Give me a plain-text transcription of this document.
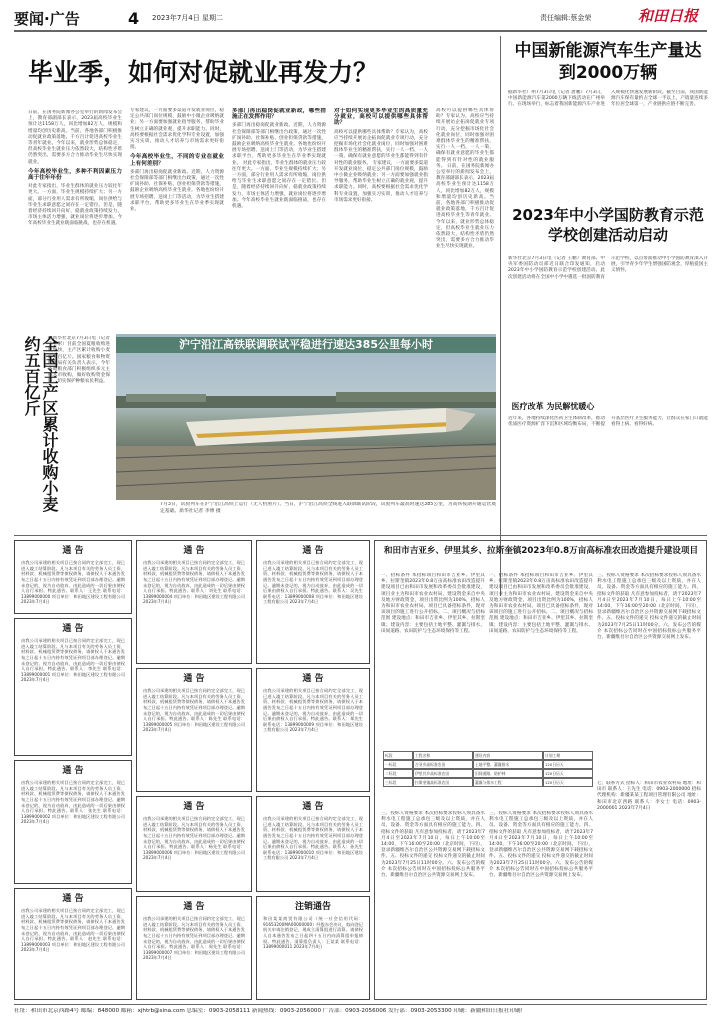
要闻·广告	4 2023年7月4日 星期二	责任编辑:蔡金荣	和田日报
毕业季，如何对促就业再发力？
日前，在国务院新闻办公室举行的新闻发布会上，教育部副部长表示，2023届高校毕业生预计达1158万人，同比增加82万人，规模和增量均创历史新高。当前，各地各部门积极推动促就业政策落地，千方百计促进高校毕业生等青年就业。今年以来，就业形势总体稳定，但高校毕业生就业压力依然较大，结构性矛盾仍然突出，需要多方合力推动毕业生尽快实现就业。
今年高校毕业生，多种不利因素压力高于往年年份
对此专家指出，毕业生群体的就业压力较往年更大。一方面，毕业生规模持续扩大；另一方面，部分行业用人需求有所收缩，岗位供给与毕业生求职意愿之间存在一定错位。但是，随着经济持续回升向好，稳就业政策持续发力，市场主体活力增强，就业岗位将逐步增加。今年高校毕业生就业既面临挑战，也存在机遇。
专家建议，一方面要多渠道开发就业岗位，稳定公共部门岗位规模，鼓励中小微企业吸纳就业；另一方面要加强就业指导服务，帮助毕业生树立正确的就业观，提升求职能力。同时，高校要根据社会需求优化学科专业设置，加强实习实训，推动人才培养与市场需求更好衔接。
今年高校毕业生，不同的专业在就业上有何差别？
多部门再出稳岗促就业新政。近期，人力资源社会保障部等部门相继出台政策，通过一次性扩岗补助、社保补贴、创业担保贷款等措施，鼓励企业吸纳高校毕业生就业。各地也纷纷开展专场招聘、送岗上门等活动，为毕业生搭建求职平台，帮助更多毕业生在毕业季实现就业。
多部门再出稳岗促就业新政，哪些措施正在发挥作用？
多部门再出稳岗促就业新政。近期，人力资源社会保障部等部门相继出台政策，通过一次性扩岗补助、社保补贴、创业担保贷款等措施，鼓励企业吸纳高校毕业生就业。各地也纷纷开展专场招聘、送岗上门等活动，为毕业生搭建求职平台，帮助更多毕业生在毕业季实现就业。 对此专家指出，毕业生群体的就业压力较往年更大。一方面，毕业生规模持续扩大；另一方面，部分行业用人需求有所收缩，岗位供给与毕业生求职意愿之间存在一定错位。但是，随着经济持续回升向好，稳就业政策持续发力，市场主体活力增强，就业岗位将逐步增加。今年高校毕业生就业既面临挑战，也存在机遇。
对于如何实现更多毕业生的高质量充分就业，高校可以提供哪些具体帮助？
高校可以提供哪些具体帮助？专家认为，高校应当持续开展访企拓岗促就业专项行动，充分挖掘市场化社会化就业岗位，同时加强对困难群体毕业生的精准帮扶，实行一人一档、一人一策，确保有就业意愿的毕业生都能得到有针对性的就业服务。 专家建议，一方面要多渠道开发就业岗位，稳定公共部门岗位规模，鼓励中小微企业吸纳就业；另一方面要加强就业指导服务，帮助毕业生树立正确的就业观，提升求职能力。同时，高校要根据社会需求优化学科专业设置，加强实习实训，推动人才培养与市场需求更好衔接。
高校可以提供哪些具体帮助？专家认为，高校应当持续开展访企拓岗促就业专项行动，充分挖掘市场化社会化就业岗位，同时加强对困难群体毕业生的精准帮扶，实行一人一档、一人一策，确保有就业意愿的毕业生都能得到有针对性的就业服务。 日前，在国务院新闻办公室举行的新闻发布会上，教育部副部长表示，2023届高校毕业生预计达1158万人，同比增加82万人，规模和增量均创历史新高。当前，各地各部门积极推动促就业政策落地，千方百计促进高校毕业生等青年就业。今年以来，就业形势总体稳定，但高校毕业生就业压力依然较大，结构性矛盾仍然突出，需要多方合力推动毕业生尽快实现就业。
中国新能源汽车生产量达到2000万辆
据新华社广州7月3日电（记者 唐鹏）7月3日，中国新能源汽车第2000万辆下线活动在广州举行。在现场举行，标志着我国新能源汽车产业进入规模化快速发展新阶段。截至目前，我国新能源汽车保有量约占全球一半以上，产销量连续多年位居全球第一，产业链供应链不断完善。
2023年中小学国防教育示范学校创建活动启动
新华社北京7月3日电（记者 王鹏）教育部、中央军委国防动员部近日联合印发通知，启动2023年中小学国防教育示范学校创建活动。此次创建活动将在全国中小学中遴选一批国防教育示范学校，以点带面推动中小学国防教育深入开展，引导青少年学生增强国防观念，厚植爱国主义情怀。
全国主产区累计收购小麦约五百亿斤	据新华社北京7月3日电（记者 王立彬）目前全国夏粮收购进度加快，主产区累计收购小麦约五百亿斤。国家粮食和物资储备局有关负责人表示，今年各地粮食部门积极组织多元主体入市收购，做好收购资金保障，切实保护种粮农民利益。
沪宁沿江高铁联调联试平稳进行速达385公里每小时
7月3日，试验列车在沪宁沿江高铁上运行（无人机照片）。当日，沪宁沿江高铁全线进入联调联试阶段，试验列车最高时速达385公里，为高铁按期开通运营奠定基础。新华社记者 李博 摄
医疗改革 为民解忧暖心
近年来，各地持续深化医药卫生体制改革，推动优质医疗资源扩容下沉和区域均衡布局，不断提升基层医疗卫生服务能力，让群众在家门口就能看得上病、看得好病。
通 告
由我公司承建的相关项目已按合同约定全部完工，现已进入竣工结算阶段。凡与本项目有关的劳务人员工资、材料款、机械租赁费等债权债务，请债权人于本通告发布之日起十五日内持有效凭证到项目部办理登记。逾期未登记的，视为自动放弃，由此造成的一切后果由债权人自行承担。特此通告。联系人：王先生 联系电话：13899000000 项目单位：和田地区建设工程有限公司 2023年7月4日
通 告
由我公司承建的相关项目已按合同约定全部完工，现已进入竣工结算阶段。凡与本项目有关的劳务人员工资、材料款、机械租赁费等债权债务，请债权人于本通告发布之日起十五日内持有效凭证到项目部办理登记。逾期未登记的，视为自动放弃，由此造成的一切后果由债权人自行承担。特此通告。联系人：李先生 联系电话：13899000001 项目单位：和田地区建设工程有限公司 2023年7月4日
通 告
由我公司承建的相关项目已按合同约定全部完工，现已进入竣工结算阶段。凡与本项目有关的劳务人员工资、材料款、机械租赁费等债权债务，请债权人于本通告发布之日起十五日内持有效凭证到项目部办理登记。逾期未登记的，视为自动放弃，由此造成的一切后果由债权人自行承担。特此通告。联系人：张先生 联系电话：13899000002 项目单位：和田地区建设工程有限公司 2023年7月4日
通 告
由我公司承建的相关项目已按合同约定全部完工，现已进入竣工结算阶段。凡与本项目有关的劳务人员工资、材料款、机械租赁费等债权债务，请债权人于本通告发布之日起十五日内持有效凭证到项目部办理登记。逾期未登记的，视为自动放弃，由此造成的一切后果由债权人自行承担。特此通告。联系人：赵先生 联系电话：13899000003 项目单位：和田地区建设工程有限公司 2023年7月4日
通 告
由我公司承建的相关项目已按合同约定全部完工，现已进入竣工结算阶段。凡与本项目有关的劳务人员工资、材料款、机械租赁费等债权债务，请债权人于本通告发布之日起十五日内持有效凭证到项目部办理登记。逾期未登记的，视为自动放弃，由此造成的一切后果由债权人自行承担。特此通告。联系人：刘先生 联系电话：13899000004 项目单位：和田地区建设工程有限公司 2023年7月4日
通 告
由我公司承建的相关项目已按合同约定全部完工，现已进入竣工结算阶段。凡与本项目有关的劳务人员工资、材料款、机械租赁费等债权债务，请债权人于本通告发布之日起十五日内持有效凭证到项目部办理登记。逾期未登记的，视为自动放弃，由此造成的一切后果由债权人自行承担。特此通告。联系人：陈先生 联系电话：13899000005 项目单位：和田地区建设工程有限公司 2023年7月4日
通 告
由我公司承建的相关项目已按合同约定全部完工，现已进入竣工结算阶段。凡与本项目有关的劳务人员工资、材料款、机械租赁费等债权债务，请债权人于本通告发布之日起十五日内持有效凭证到项目部办理登记。逾期未登记的，视为自动放弃，由此造成的一切后果由债权人自行承担。特此通告。联系人：杨先生 联系电话：13899000006 项目单位：和田地区建设工程有限公司 2023年7月4日
通 告
由我公司承建的相关项目已按合同约定全部完工，现已进入竣工结算阶段。凡与本项目有关的劳务人员工资、材料款、机械租赁费等债权债务，请债权人于本通告发布之日起十五日内持有效凭证到项目部办理登记。逾期未登记的，视为自动放弃，由此造成的一切后果由债权人自行承担。特此通告。联系人：周先生 联系电话：13899000007 项目单位：和田地区建设工程有限公司 2023年7月4日
通 告
由我公司承建的相关项目已按合同约定全部完工，现已进入竣工结算阶段。凡与本项目有关的劳务人员工资、材料款、机械租赁费等债权债务，请债权人于本通告发布之日起十五日内持有效凭证到项目部办理登记。逾期未登记的，视为自动放弃，由此造成的一切后果由债权人自行承担。特此通告。联系人：吴先生 联系电话：13899000008 项目单位：和田地区建设工程有限公司 2023年7月4日
通 告
由我公司承建的相关项目已按合同约定全部完工，现已进入竣工结算阶段。凡与本项目有关的劳务人员工资、材料款、机械租赁费等债权债务，请债权人于本通告发布之日起十五日内持有效凭证到项目部办理登记。逾期未登记的，视为自动放弃，由此造成的一切后果由债权人自行承担。特此通告。联系人：郑先生 联系电话：13899000009 项目单位：和田地区建设工程有限公司 2023年7月4日
通 告
由我公司承建的相关项目已按合同约定全部完工，现已进入竣工结算阶段。凡与本项目有关的劳务人员工资、材料款、机械租赁费等债权债务，请债权人于本通告发布之日起十五日内持有效凭证到项目部办理登记。逾期未登记的，视为自动放弃，由此造成的一切后果由债权人自行承担。特此通告。联系人：孙先生 联系电话：13899000010 项目单位：和田地区建设工程有限公司 2023年7月4日
注销通告
和田某某商贸有限公司（统一社会信用代码：91653200MA00000000）经股东会决议，拟向登记机关申请注销登记，现成立清算组进行清算。请债权人自本通告发布之日起四十五日内向清算组申报债权。特此通告。清算组负责人：王某某 联系电话：13899000011 2023年7月4日
和田市吉亚乡、伊里其乡、拉斯奎镇2023年0.8万亩高标准农田改造提升建设项目
一、招标条件 本招标项目和田市吉亚乡、伊里其乡、拉斯奎镇2023年0.8万亩高标准农田改造提升建设项目已由和田市发展和改革委员会批准建设，项目业主为和田市农业农村局，建设资金来自中央及地方财政资金，项目出资比例为100%，招标人为和田市农业农村局。项目已具备招标条件，现对该项目的施工进行公开招标。二、项目概况与招标范围 建设地点：和田市吉亚乡、伊里其乡、拉斯奎镇；建设内容：主要包括土地平整、灌溉与排水、田间道路、农田防护与生态环境保持等工程。
一、招标条件 本招标项目和田市吉亚乡、伊里其乡、拉斯奎镇2023年0.8万亩高标准农田改造提升建设项目已由和田市发展和改革委员会批准建设，项目业主为和田市农业农村局，建设资金来自中央及地方财政资金，项目出资比例为100%，招标人为和田市农业农村局。项目已具备招标条件，现对该项目的施工进行公开招标。二、项目概况与招标范围 建设地点：和田市吉亚乡、伊里其乡、拉斯奎镇；建设内容：主要包括土地平整、灌溉与排水、田间道路、农田防护与生态环境保持等工程。
三、投标人资格要求 本次招标要求投标人须具备水利水电工程施工总承包三级及以上资质，并在人员、设备、资金等方面具有相应的施工能力。四、招标文件的获取 凡有意参加投标者，请于2023年7月4日至2023年7月10日，每日上午10:00至14:00，下午16:00至20:00（北京时间，下同），登录新疆维吾尔自治区公共资源交易网下载招标文件。五、投标文件的递交 投标文件递交的截止时间为2023年7月25日11时00分。六、发布公告的媒介 本次招标公告同时在中国招标投标公共服务平台、新疆维吾尔自治区公共资源交易网上发布。
标段	工程名称	建设内容	计划工期
一标段	吉亚乡高标准农田	土地平整、灌溉排水	120日历天
二标段	伊里其乡高标准农田	田间道路、防护林	120日历天
三标段	拉斯奎镇高标准农田	灌溉与排水工程	120日历天
三、投标人资格要求 本次招标要求投标人须具备水利水电工程施工总承包三级及以上资质，并在人员、设备、资金等方面具有相应的施工能力。四、招标文件的获取 凡有意参加投标者，请于2023年7月4日至2023年7月10日，每日上午10:00至14:00，下午16:00至20:00（北京时间，下同），登录新疆维吾尔自治区公共资源交易网下载招标文件。五、投标文件的递交 投标文件递交的截止时间为2023年7月25日11时00分。六、发布公告的媒介 本次招标公告同时在中国招标投标公共服务平台、新疆维吾尔自治区公共资源交易网上发布。
三、投标人资格要求 本次招标要求投标人须具备水利水电工程施工总承包三级及以上资质，并在人员、设备、资金等方面具有相应的施工能力。四、招标文件的获取 凡有意参加投标者，请于2023年7月4日至2023年7月10日，每日上午10:00至14:00，下午16:00至20:00（北京时间，下同），登录新疆维吾尔自治区公共资源交易网下载招标文件。五、投标文件的递交 投标文件递交的截止时间为2023年7月25日11时00分。六、发布公告的媒介 本次招标公告同时在中国招标投标公共服务平台、新疆维吾尔自治区公共资源交易网上发布。
七、联系方式 招标人：和田市农业农村局 地址：和田市 联系人：王先生 电话：0903-2000000 招标代理机构：新疆某某工程项目管理有限公司 地址：和田市北京西路 联系人：李女士 电话：0903-2000001 2023年7月4日
社址：和田市北京西路4号 邮编：848000 邮箱：xjhtrb@sina.com 总编室：0903-2058111 新闻热线：0903-2056000 广告部：0903-2056006 发行部：0903-2053300 印刷：新疆和田日报社印刷厂
